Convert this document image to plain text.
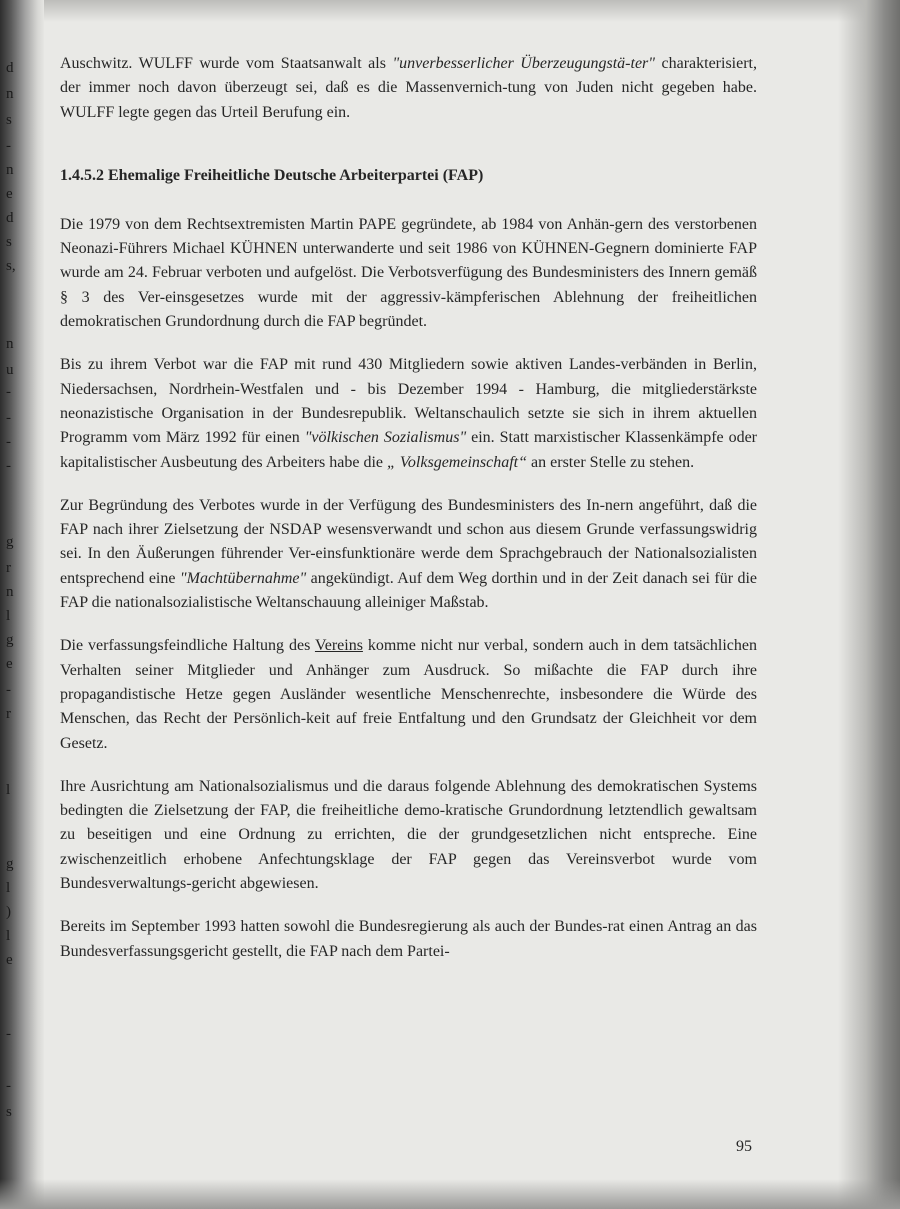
d
n
s
-
n
e
d
s
s,
n
u
-
-
-
-
g
r
n
l
g
e
-
r
l
g
l
)
l
e
-
-
s

Auschwitz. WULFF wurde vom Staatsanwalt als "unverbesserlicher Überzeugungstä-ter" charakterisiert, der immer noch davon überzeugt sei, daß es die Massenvernich-tung von Juden nicht gegeben habe. WULFF legte gegen das Urteil Berufung ein.

1.4.5.2 Ehemalige Freiheitliche Deutsche Arbeiterpartei (FAP)

Die 1979 von dem Rechtsextremisten Martin PAPE gegründete, ab 1984 von Anhän-gern des verstorbenen Neonazi-Führers Michael KÜHNEN unterwanderte und seit 1986 von KÜHNEN-Gegnern dominierte FAP wurde am 24. Februar verboten und aufgelöst. Die Verbotsverfügung des Bundesministers des Innern gemäß § 3 des Ver-einsgesetzes wurde mit der aggressiv-kämpferischen Ablehnung der freiheitlichen demokratischen Grundordnung durch die FAP begründet.

Bis zu ihrem Verbot war die FAP mit rund 430 Mitgliedern sowie aktiven Landes-verbänden in Berlin, Niedersachsen, Nordrhein-Westfalen und - bis Dezember 1994 - Hamburg, die mitgliederstärkste neonazistische Organisation in der Bundesrepublik. Weltanschaulich setzte sie sich in ihrem aktuellen Programm vom März 1992 für einen "völkischen Sozialismus" ein. Statt marxistischer Klassenkämpfe oder kapitalistischer Ausbeutung des Arbeiters habe die „ Volksgemeinschaft“ an erster Stelle zu stehen.

Zur Begründung des Verbotes wurde in der Verfügung des Bundesministers des In-nern angeführt, daß die FAP nach ihrer Zielsetzung der NSDAP wesensverwandt und schon aus diesem Grunde verfassungswidrig sei. In den Äußerungen führender Ver-einsfunktionäre werde dem Sprachgebrauch der Nationalsozialisten entsprechend eine "Machtübernahme" angekündigt. Auf dem Weg dorthin und in der Zeit danach sei für die FAP die nationalsozialistische Weltanschauung alleiniger Maßstab.

Die verfassungsfeindliche Haltung des Vereins komme nicht nur verbal, sondern auch in dem tatsächlichen Verhalten seiner Mitglieder und Anhänger zum Ausdruck. So mißachte die FAP durch ihre propagandistische Hetze gegen Ausländer wesentliche Menschenrechte, insbesondere die Würde des Menschen, das Recht der Persönlich-keit auf freie Entfaltung und den Grundsatz der Gleichheit vor dem Gesetz.

Ihre Ausrichtung am Nationalsozialismus und die daraus folgende Ablehnung des demokratischen Systems bedingten die Zielsetzung der FAP, die freiheitliche demo-kratische Grundordnung letztendlich gewaltsam zu beseitigen und eine Ordnung zu errichten, die der grundgesetzlichen nicht entspreche. Eine zwischenzeitlich erhobene Anfechtungsklage der FAP gegen das Vereinsverbot wurde vom Bundesverwaltungs-gericht abgewiesen.

Bereits im September 1993 hatten sowohl die Bundesregierung als auch der Bundes-rat einen Antrag an das Bundesverfassungsgericht gestellt, die FAP nach dem Partei-

95
